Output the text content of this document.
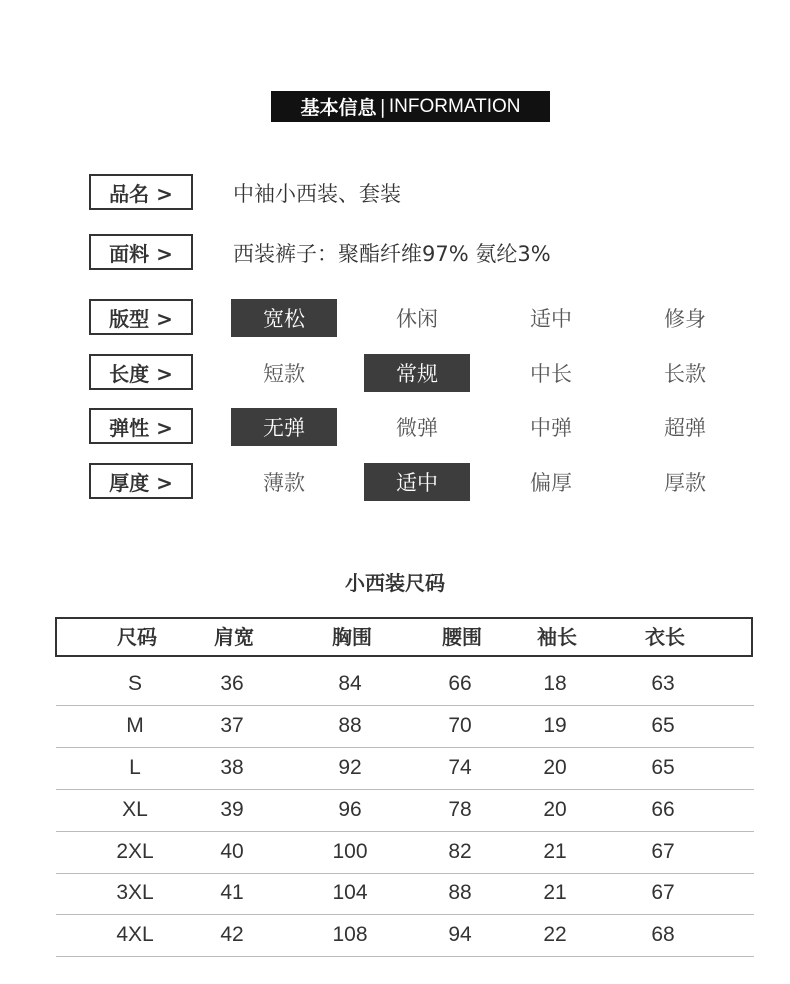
基本信息 | INFORMATION
品名 >	中袖小西装、套装
面料 >	西装裤子：聚酯纤维97% 氨纶3%
版型 >	宽松	休闲	适中	修身
长度 >	短款	常规	中长	长款
弹性 >	无弹	微弹	中弹	超弹
厚度 >	薄款	适中	偏厚	厚款
小西装尺码
尺码	肩宽	胸围	腰围	袖长	衣长
S	36	84	66	18	63
M	37	88	70	19	65
L	38	92	74	20	65
XL	39	96	78	20	66
2XL	40	100	82	21	67
3XL	41	104	88	21	67
4XL	42	108	94	22	68
